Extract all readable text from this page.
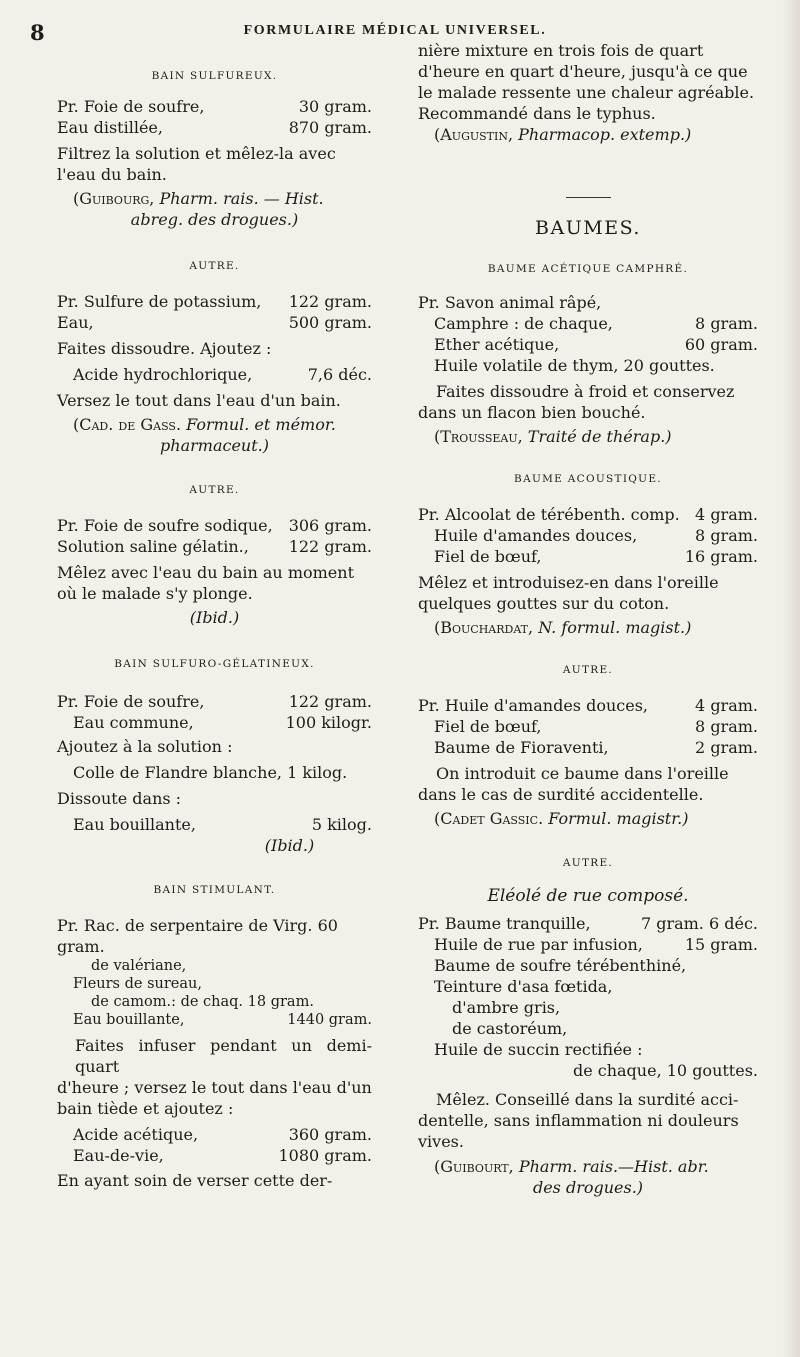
8	FORMULAIRE MÉDICAL UNIVERSEL.
BAIN SULFUREUX.
Pr. Foie de soufre,	30 gram.
Eau distillée,	870 gram.
Filtrez la solution et mêlez-la avec
l'eau du bain.
(Guibourg, Pharm. rais. — Hist.
abreg. des drogues.)
AUTRE.
Pr. Sulfure de potassium, 122 gram.
Eau,	500 gram.
Faites dissoudre. Ajoutez :
Acide hydrochlorique,	7,6 déc.
Versez le tout dans l'eau d'un bain.
(Cad. de Gass. Formul. et mémor.
pharmaceut.)
AUTRE.
Pr. Foie de soufre sodique, 306 gram.
Solution saline gélatin., 122 gram.
Mêlez avec l'eau du bain au moment
où le malade s'y plonge.
(Ibid.)
BAIN SULFURO-GÉLATINEUX.
Pr. Foie de soufre,	122 gram.
Eau commune,	100 kilogr.
Ajoutez à la solution :
Colle de Flandre blanche, 1 kilog.
Dissoute dans :
Eau bouillante,	5 kilog.
(Ibid.)
BAIN STIMULANT.
Pr. Rac. de serpentaire de Virg. 60 gram.
de valériane,
Fleurs de sureau,
de camom.: de chaq. 18 gram.
Eau bouillante,	1440 gram.
Faites infuser pendant un demi-quart
d'heure ; versez le tout dans l'eau d'un
bain tiède et ajoutez :
Acide acétique,	360 gram.
Eau-de-vie,	1080 gram.
En ayant soin de verser cette der-
nière mixture en trois fois de quart
d'heure en quart d'heure, jusqu'à ce que
le malade ressente une chaleur agréable.
Recommandé dans le typhus.
(Augustin, Pharmacop. extemp.)
BAUMES.
BAUME ACÉTIQUE CAMPHRÉ.
Pr. Savon animal râpé,
Camphre : de chaque,	8 gram.
Ether acétique,	60 gram.
Huile volatile de thym, 20 gouttes.
Faites dissoudre à froid et conservez
dans un flacon bien bouché.
(Trousseau, Traité de thérap.)
BAUME ACOUSTIQUE.
Pr. Alcoolat de térébenth. comp. 4 gram.
Huile d'amandes douces,	8 gram.
Fiel de bœuf,	16 gram.
Mêlez et introduisez-en dans l'oreille
quelques gouttes sur du coton.
(Bouchardat, N. formul. magist.)
AUTRE.
Pr. Huile d'amandes douces,	4 gram.
Fiel de bœuf,	8 gram.
Baume de Fioraventi,	2 gram.
On introduit ce baume dans l'oreille
dans le cas de surdité accidentelle.
(Cadet Gassic. Formul. magistr.)
AUTRE.
Eléolé de rue composé.
Pr. Baume tranquille,	7 gram. 6 déc.
Huile de rue par infusion,	15 gram.
Baume de soufre térébenthiné,
Teinture d'asa fœtida,
d'ambre gris,
de castoréum,
Huile de succin rectifiée :
de chaque, 10 gouttes.
Mêlez. Conseillé dans la surdité acci-
dentelle, sans inflammation ni douleurs
vives.
(Guibourt, Pharm. rais.—Hist. abr.
des drogues.)
